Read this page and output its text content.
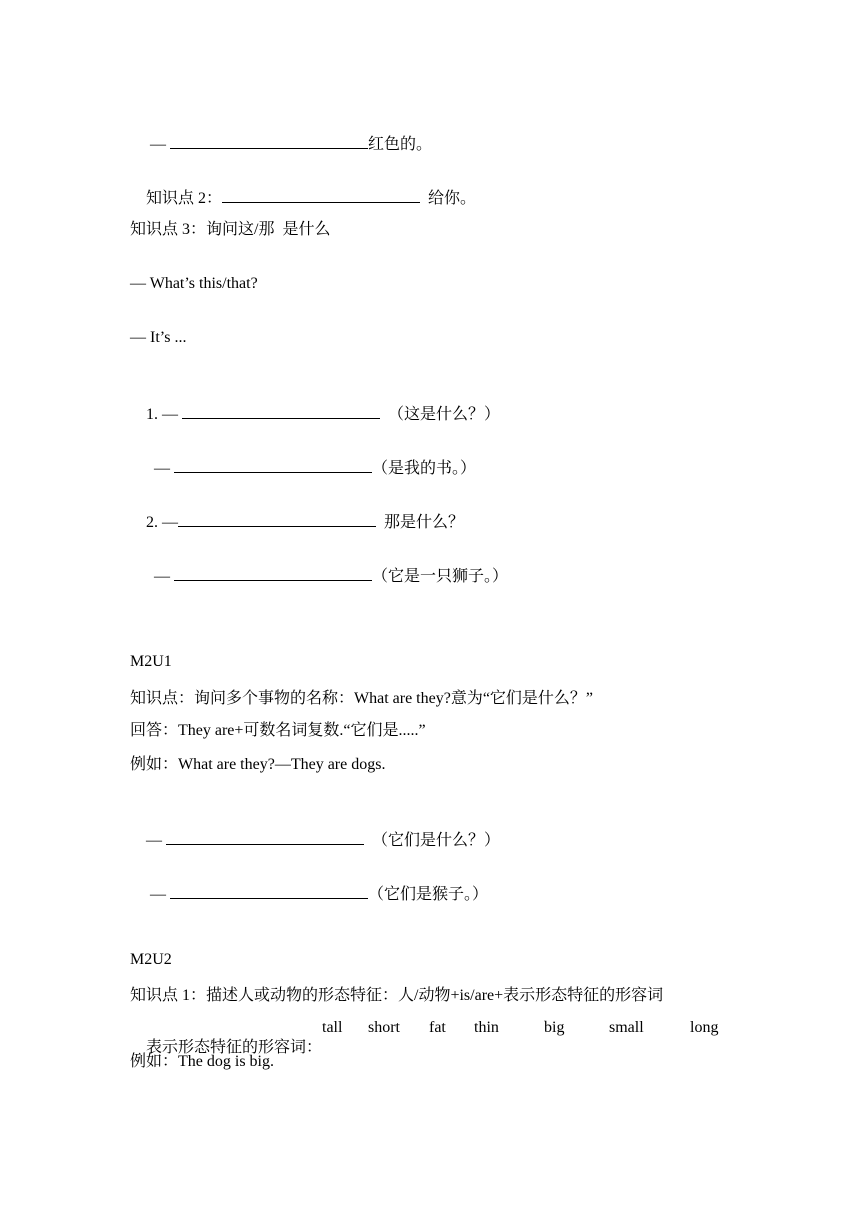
—	红色的。

知识点 2：	给你。

知识点 3：询问这/那  是什么
— What’s this/that?
— It’s ...

1. —	（这是什么？）

—	（是我的书。）

2. —	那是什么？

—	（它是一只狮子。）

M2U1
知识点：询问多个事物的名称：What are they?意为“它们是什么？”
回答：They are+可数名词复数.“它们是.....”
例如：What are they?—They are dogs.

—	（它们是什么？）

—	（它们是猴子。）

M2U2
知识点 1：描述人或动物的形态特征：人/动物+is/are+表示形态特征的形容词

表示形态特征的形容词：

tall

short

fat

thin

	big

	small

	long

例如：The dog is big.
